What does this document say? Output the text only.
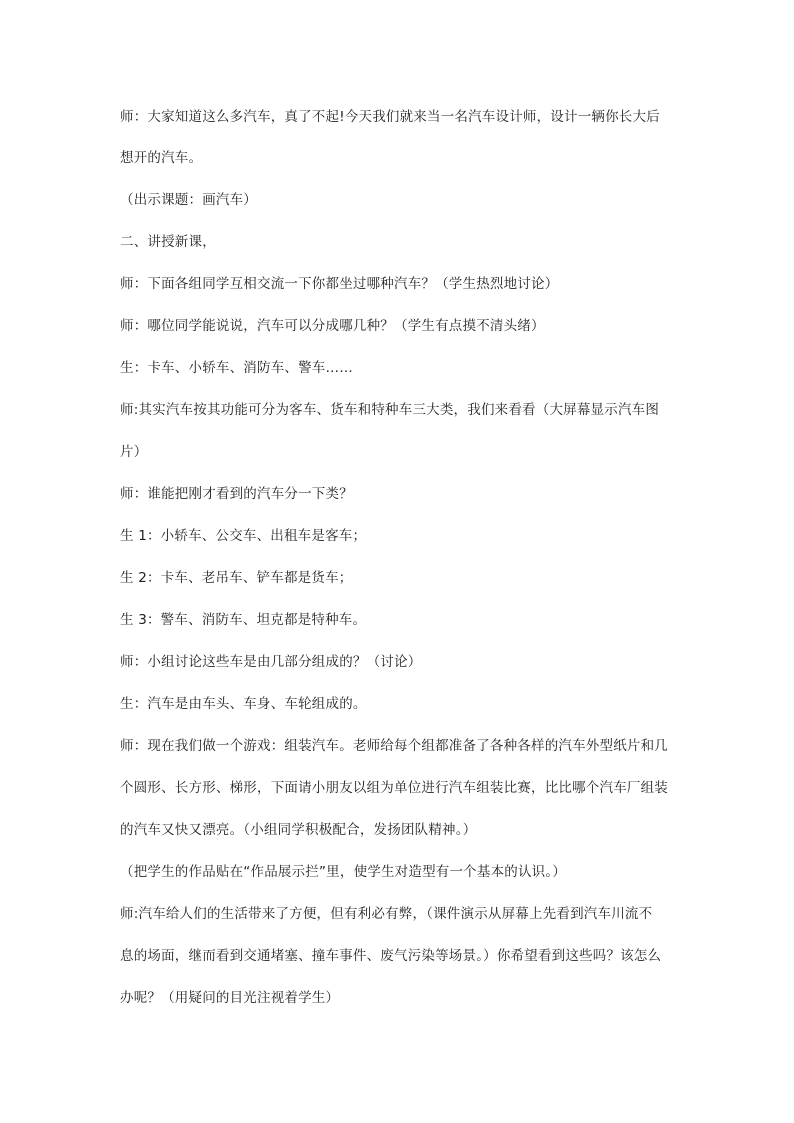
师：大家知道这么多汽车，真了不起!今天我们就来当一名汽车设计师，设计一辆你长大后
想开的汽车。
（出示课题：画汽车）
二、讲授新课，
师：下面各组同学互相交流一下你都坐过哪种汽车？（学生热烈地讨论）
师：哪位同学能说说，汽车可以分成哪几种？（学生有点摸不清头绪）
生：卡车、小轿车、消防车、警车……
师:其实汽车按其功能可分为客车、货车和特种车三大类，我们来看看（大屏幕显示汽车图
片）
师：谁能把刚才看到的汽车分一下类？
生 1：小轿车、公交车、出租车是客车；
生 2：卡车、老吊车、铲车都是货车；
生 3：警车、消防车、坦克都是特种车。
师：小组讨论这些车是由几部分组成的？（讨论）
生：汽车是由车头、车身、车轮组成的。
师：现在我们做一个游戏：组装汽车。老师给每个组都准备了各种各样的汽车外型纸片和几
个圆形、长方形、梯形，下面请小朋友以组为单位进行汽车组装比赛，比比哪个汽车厂组装
的汽车又快又漂亮。（小组同学积极配合，发扬团队精神。）
（把学生的作品贴在“作品展示拦”里，使学生对造型有一个基本的认识。）
师:汽车给人们的生活带来了方便，但有利必有弊，（课件演示从屏幕上先看到汽车川流不
息的场面，继而看到交通堵塞、撞车事件、废气污染等场景。）你希望看到这些吗？该怎么
办呢？（用疑问的目光注视着学生）
